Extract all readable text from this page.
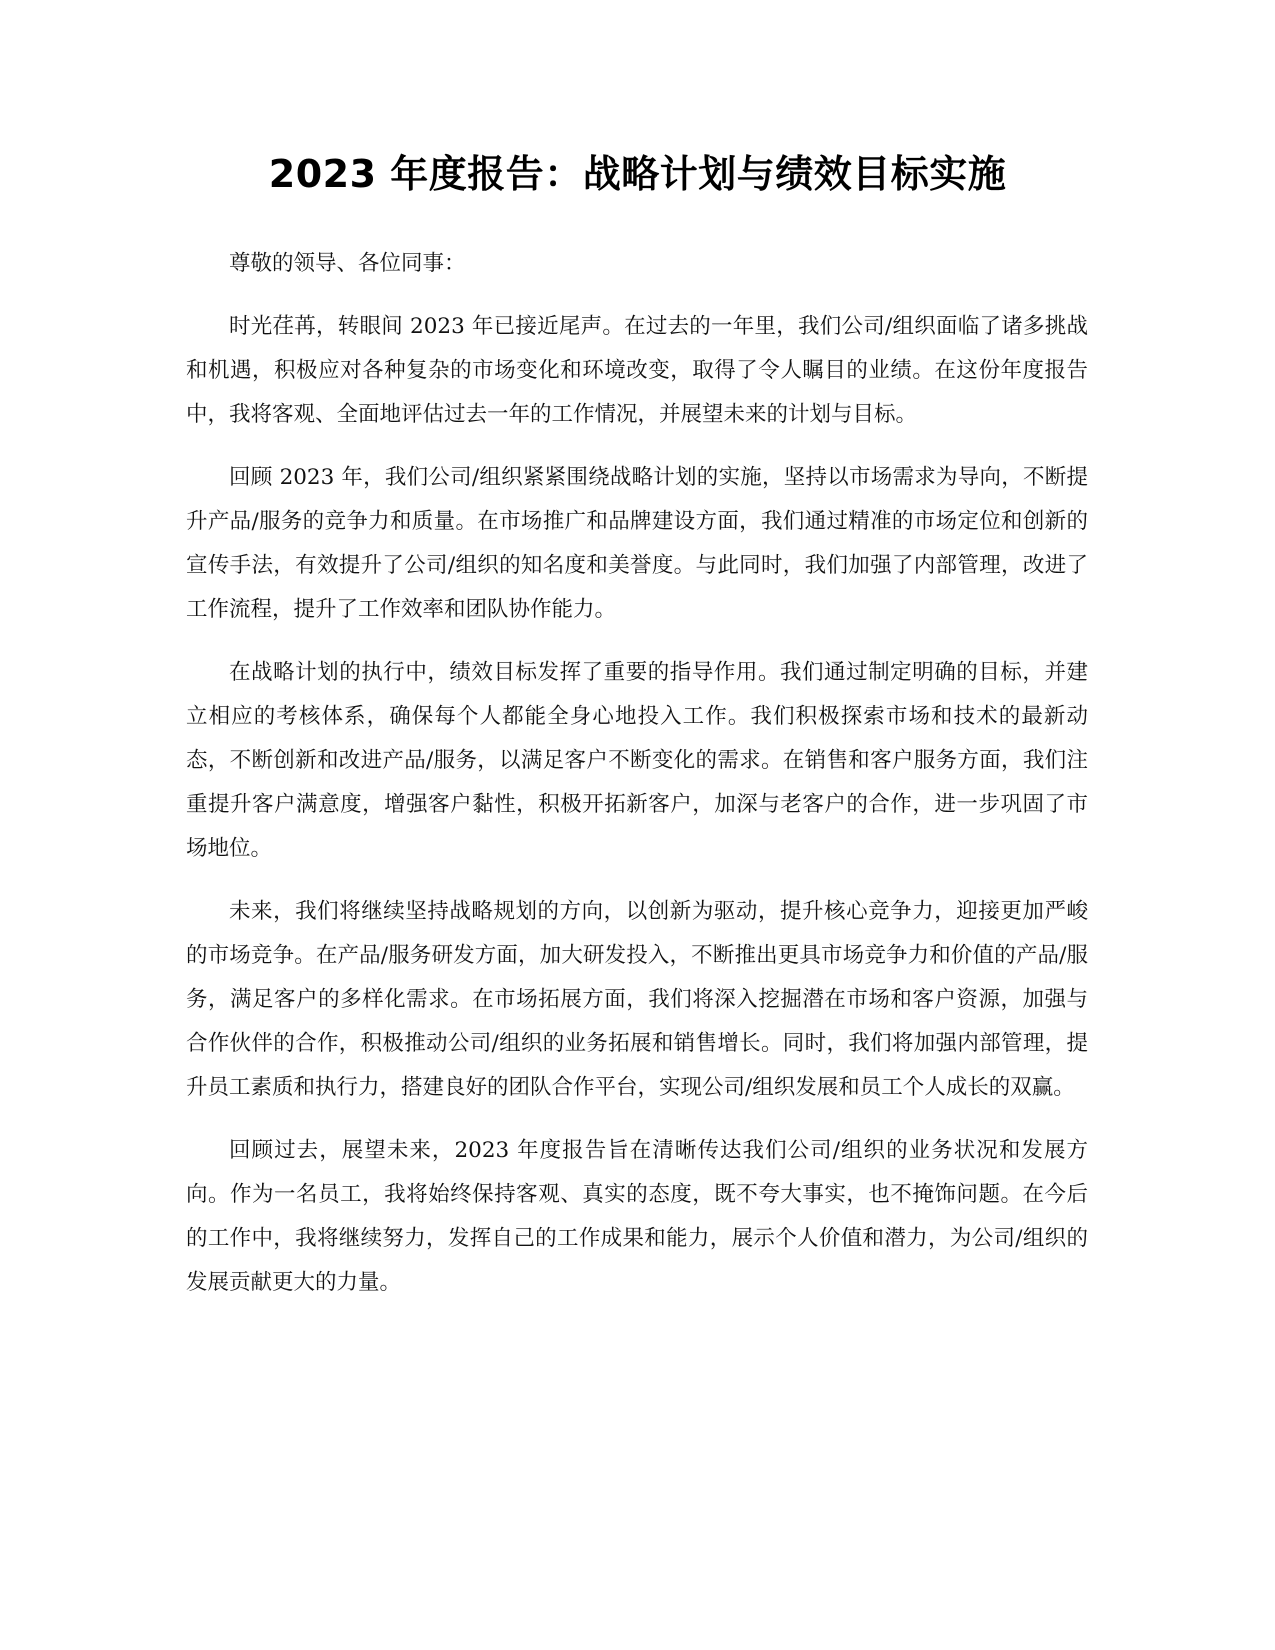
2023 年度报告：战略计划与绩效目标实施

尊敬的领导、各位同事：

时光荏苒，转眼间 2023 年已接近尾声。在过去的一年里，我们公司/组织面临了诸多挑战和机遇，积极应对各种复杂的市场变化和环境改变，取得了令人瞩目的业绩。在这份年度报告中，我将客观、全面地评估过去一年的工作情况，并展望未来的计划与目标。

回顾 2023 年，我们公司/组织紧紧围绕战略计划的实施，坚持以市场需求为导向，不断提升产品/服务的竞争力和质量。在市场推广和品牌建设方面，我们通过精准的市场定位和创新的宣传手法，有效提升了公司/组织的知名度和美誉度。与此同时，我们加强了内部管理，改进了工作流程，提升了工作效率和团队协作能力。

在战略计划的执行中，绩效目标发挥了重要的指导作用。我们通过制定明确的目标，并建立相应的考核体系，确保每个人都能全身心地投入工作。我们积极探索市场和技术的最新动态，不断创新和改进产品/服务，以满足客户不断变化的需求。在销售和客户服务方面，我们注重提升客户满意度，增强客户黏性，积极开拓新客户，加深与老客户的合作，进一步巩固了市场地位。

未来，我们将继续坚持战略规划的方向，以创新为驱动，提升核心竞争力，迎接更加严峻的市场竞争。在产品/服务研发方面，加大研发投入，不断推出更具市场竞争力和价值的产品/服务，满足客户的多样化需求。在市场拓展方面，我们将深入挖掘潜在市场和客户资源，加强与合作伙伴的合作，积极推动公司/组织的业务拓展和销售增长。同时，我们将加强内部管理，提升员工素质和执行力，搭建良好的团队合作平台，实现公司/组织发展和员工个人成长的双赢。

回顾过去，展望未来，2023 年度报告旨在清晰传达我们公司/组织的业务状况和发展方向。作为一名员工，我将始终保持客观、真实的态度，既不夸大事实，也不掩饰问题。在今后的工作中，我将继续努力，发挥自己的工作成果和能力，展示个人价值和潜力，为公司/组织的发展贡献更大的力量。
